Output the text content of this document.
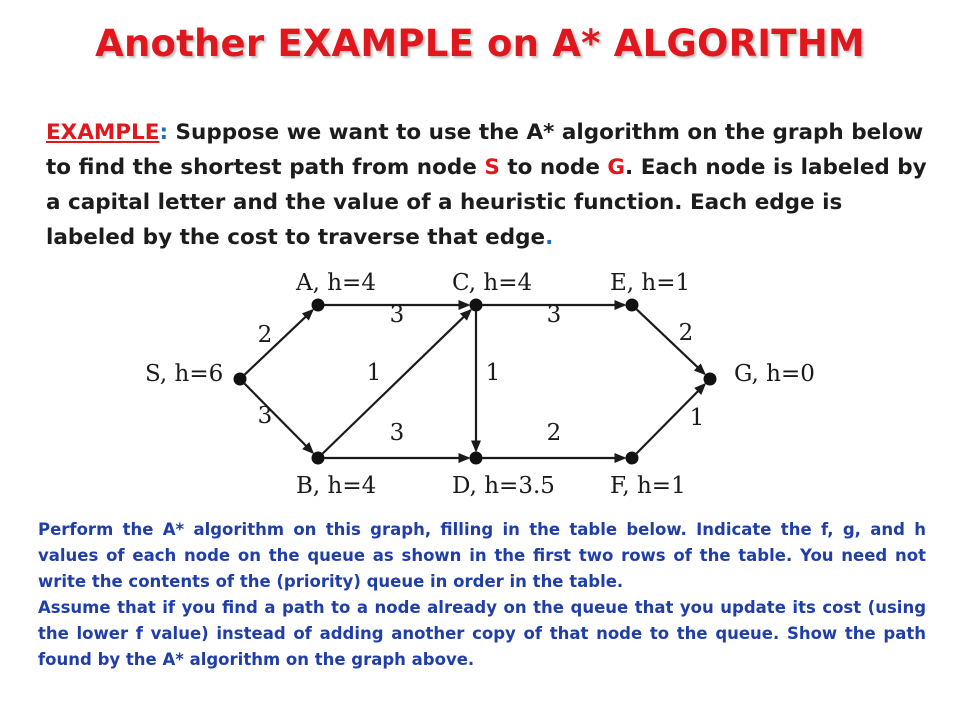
Another EXAMPLE on A* ALGORITHM
EXAMPLE: Suppose we want to use the A* algorithm on the graph below to find the shortest path from node S to node G. Each node is labeled by a capital letter and the value of a heuristic function. Each edge is labeled by the cost to traverse that edge.
2
3
3
1
3
1
3
2
2
1
S, h=6
A, h=4
B, h=4
C, h=4
D, h=3.5
E, h=1
F, h=1
G, h=0

Perform the A* algorithm on this graph, filling in the table below. Indicate the f, g, and h values of each node on the queue as shown in the first two rows of the table. You need not write the contents of the (priority) queue in order in the table.

Assume that if you find a path to a node already on the queue that you update its cost (using the lower f value) instead of adding another copy of that node to the queue. Show the path found by the A* algorithm on the graph above.
